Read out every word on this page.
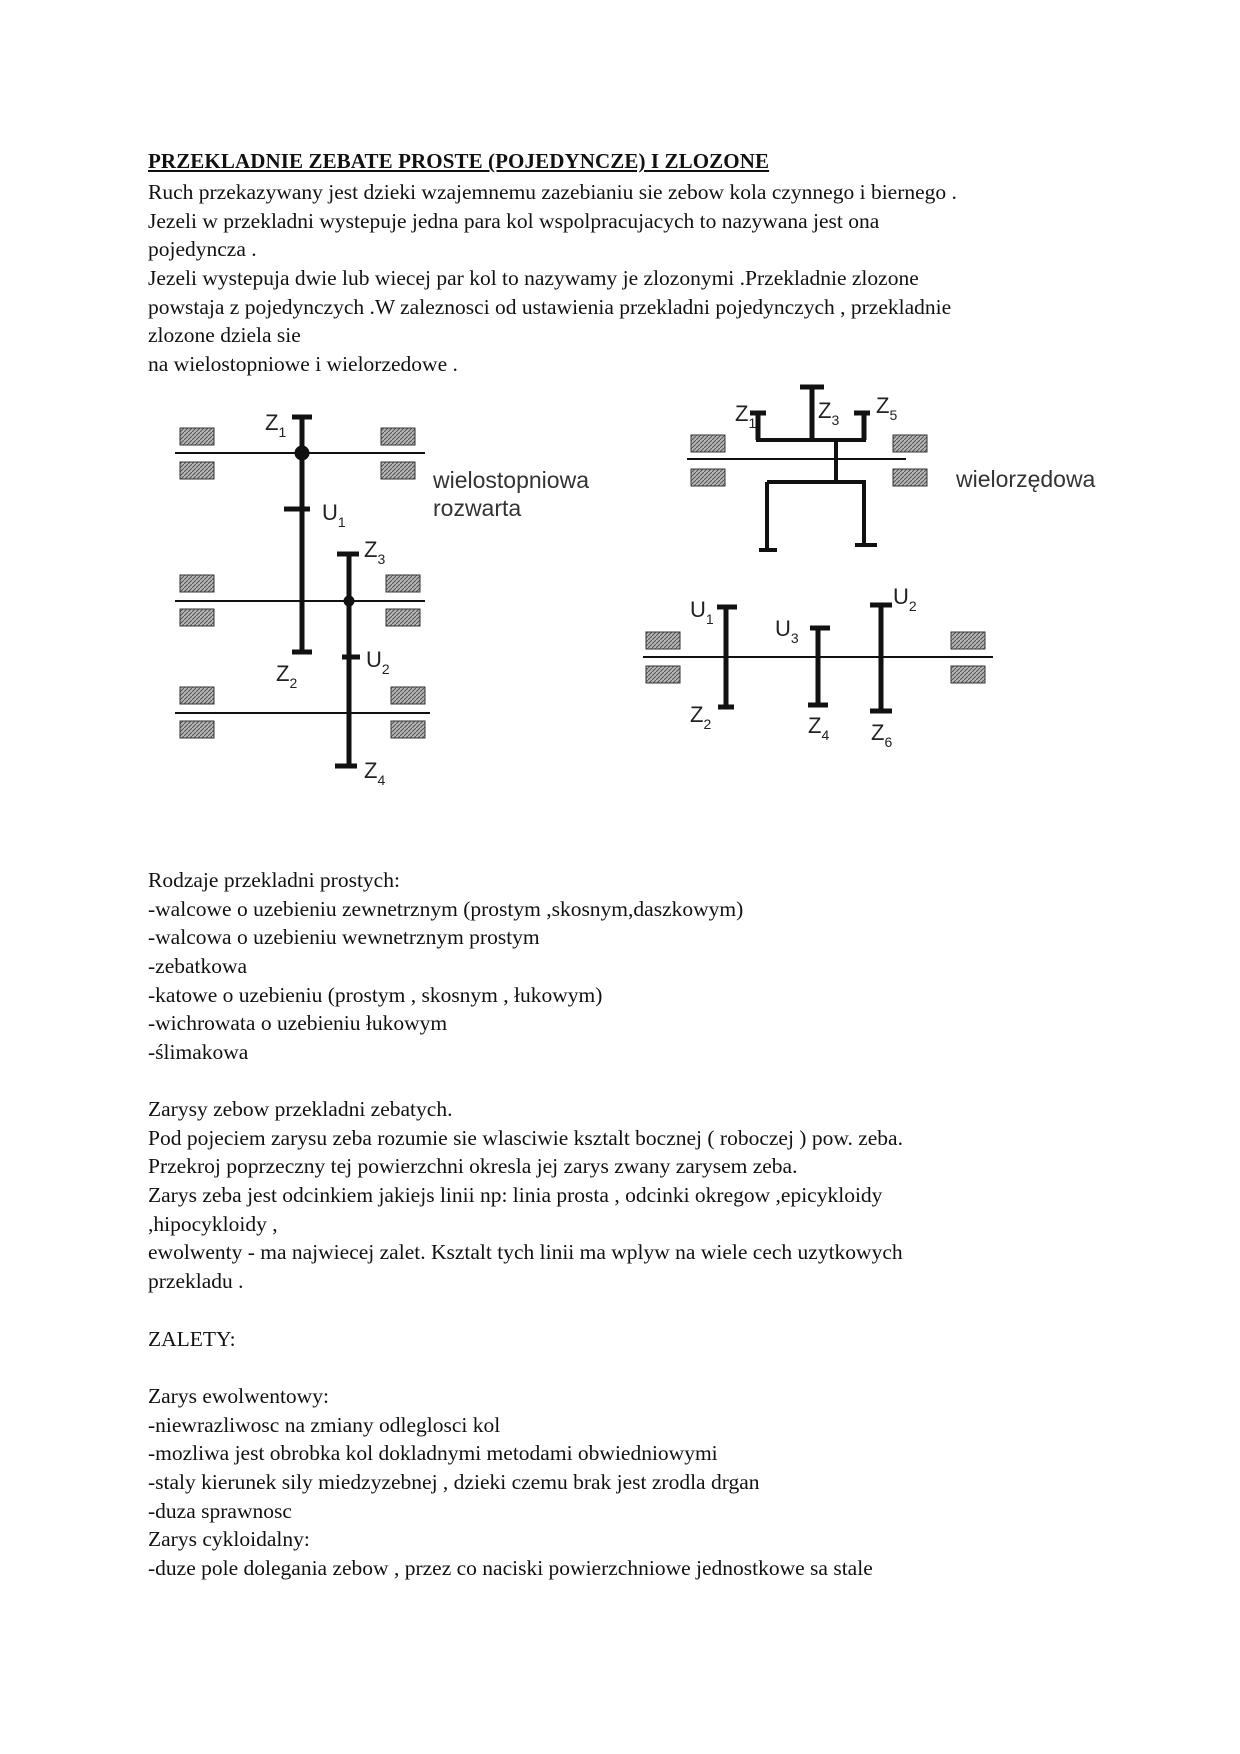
PRZEKLADNIE ZEBATE PROSTE (POJEDYNCZE) I ZLOZONE
Ruch przekazywany jest dzieki wzajemnemu zazebianiu sie zebow kola czynnego i biernego .
Jezeli w przekladni wystepuje jedna para kol wspolpracujacych to nazywana jest ona
pojedyncza .
Jezeli wystepuja dwie lub wiecej par kol to nazywamy je zlozonymi .Przekladnie zlozone
powstaja z pojedynczych .W zaleznosci od ustawienia przekladni pojedynczych , przekladnie
zlozone dziela sie
na wielostopniowe i wielorzedowe .
$Z_1$
$U_1$
$Z_3$
$Z_2$
$U_2$
$Z_4$
wielostopniowa
rozwarta
$Z_1$	$Z_3$
$Z_5$
$U_1$	$U_3$
$U_2$
$Z_2$	$Z_4$ $Z_6$
wielorzędowa
Rodzaje przekladni prostych:
-walcowe o uzebieniu zewnetrznym (prostym ,skosnym,daszkowym)
-walcowa o uzebieniu wewnetrznym prostym
-zebatkowa
-katowe o uzebieniu (prostym , skosnym , łukowym)
-wichrowata o uzebieniu łukowym
-ślimakowa
Zarysy zebow przekladni zebatych.
Pod pojeciem zarysu zeba rozumie sie wlasciwie ksztalt bocznej ( roboczej ) pow. zeba.
Przekroj poprzeczny tej powierzchni okresla jej zarys zwany zarysem zeba.
Zarys zeba jest odcinkiem jakiejs linii np: linia prosta , odcinki okregow ,epicykloidy
,hipocykloidy ,
ewolwenty - ma najwiecej zalet. Ksztalt tych linii ma wplyw na wiele cech uzytkowych
przekladu .
ZALETY:
Zarys ewolwentowy:
-niewrazliwosc na zmiany odleglosci kol
-mozliwa jest obrobka kol dokladnymi metodami obwiedniowymi
-staly kierunek sily miedzyzebnej , dzieki czemu brak jest zrodla drgan
-duza sprawnosc
Zarys cykloidalny:
-duze pole dolegania zebow , przez co naciski powierzchniowe jednostkowe sa stale
